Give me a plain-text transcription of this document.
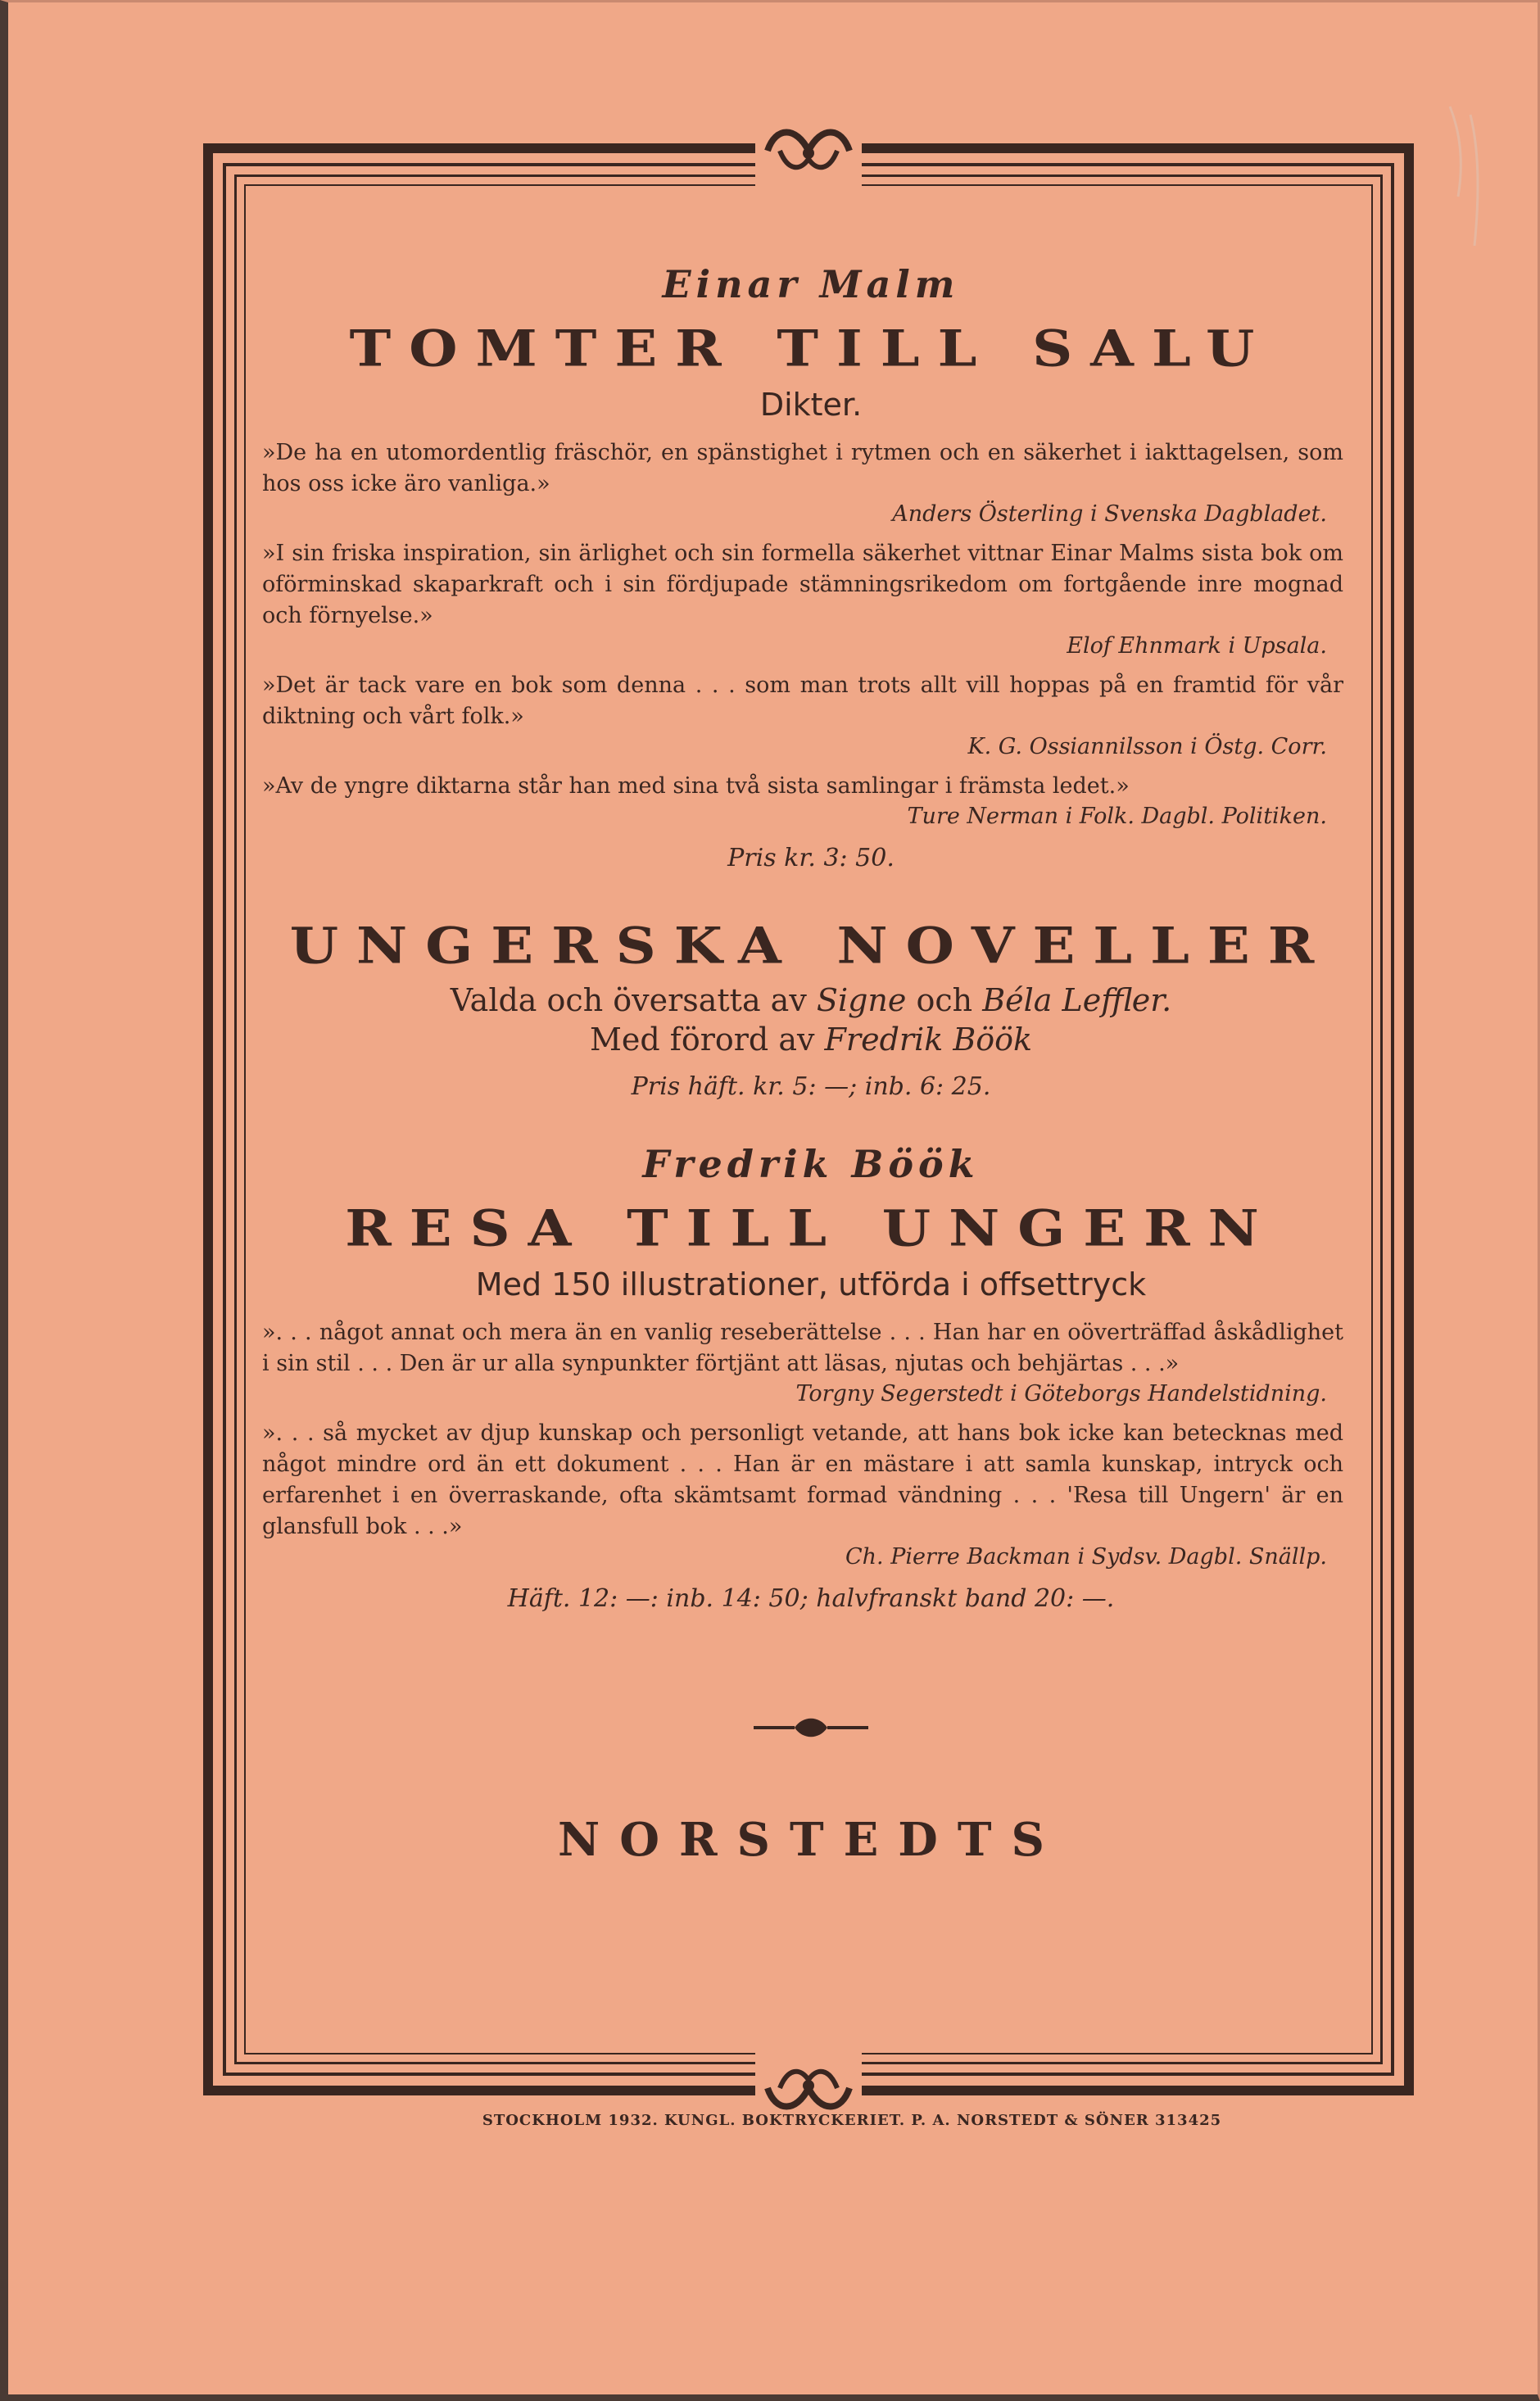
Einar Malm
TOMTER TILL SALU
Dikter.
»De ha en utomordentlig fräschör, en spänstighet i rytmen och en säkerhet i iakttagelsen, som hos oss icke äro vanliga.»
Anders Österling i Svenska Dagbladet.
»I sin friska inspiration, sin ärlighet och sin formella säkerhet vittnar Einar Malms sista bok om oförminskad skaparkraft och i sin fördjupade stämningsrikedom om fortgående inre mognad och förnyelse.»
Elof Ehnmark i Upsala.
»Det är tack vare en bok som denna . . . som man trots allt vill hoppas på en framtid för vår diktning och vårt folk.»
K. G. Ossiannilsson i Östg. Corr.
»Av de yngre diktarna står han med sina två sista samlingar i främsta ledet.»
Ture Nerman i Folk. Dagbl. Politiken.
Pris kr. 3: 50.
UNGERSKA NOVELLER
Valda och översatta av Signe och Béla Leffler.
Med förord av Fredrik Böök
Pris häft. kr. 5: —; inb. 6: 25.
Fredrik Böök
RESA TILL UNGERN
Med 150 illustrationer, utförda i offsettryck
». . . något annat och mera än en vanlig reseberättelse . . . Han har en oöverträffad åskådlighet i sin stil . . . Den är ur alla synpunkter förtjänt att läsas, njutas och behjärtas . . .»
Torgny Segerstedt i Göteborgs Handelstidning.
». . . så mycket av djup kunskap och personligt vetande, att hans bok icke kan betecknas med något mindre ord än ett dokument . . . Han är en mästare i att samla kunskap, intryck och erfarenhet i en överraskande, ofta skämtsamt formad vändning . . . 'Resa till Ungern' är en glansfull bok . . .»
Ch. Pierre Backman i Sydsv. Dagbl. Snällp.
Häft. 12: —: inb. 14: 50; halvfranskt band 20: —.
NORSTEDTS
STOCKHOLM 1932. KUNGL. BOKTRYCKERIET. P. A. NORSTEDT & SÖNER 313425
